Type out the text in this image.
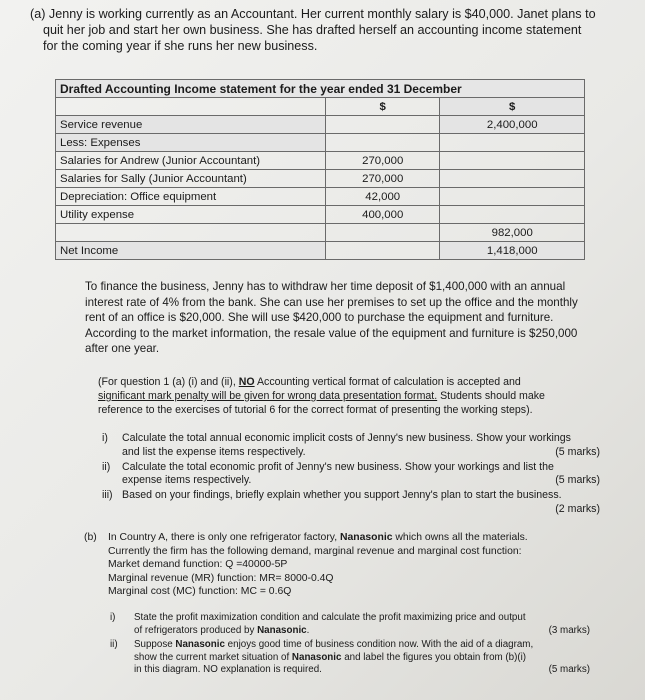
(a) Jenny is working currently as an Accountant. Her current monthly salary is $40,000. Janet plans to
quit her job and start her own business. She has drafted herself an accounting income statement
for the coming year if she runs her new business.
Drafted Accounting Income statement for the year ended 31 December		
	$	$
Service revenue		2,400,000
Less: Expenses		
Salaries for Andrew (Junior Accountant)	270,000	
Salaries for Sally (Junior Accountant)	270,000	
Depreciation: Office equipment	42,000	
Utility expense	400,000	
		982,000
Net Income		1,418,000
To finance the business, Jenny has to withdraw her time deposit of $1,400,000 with an annual
interest rate of 4% from the bank. She can use her premises to set up the office and the monthly
rent of an office is $20,000. She will use $420,000 to purchase the equipment and furniture.
According to the market information, the resale value of the equipment and furniture is $250,000
after one year.
(For question 1 (a) (i) and (ii), NO Accounting vertical format of calculation is accepted and
significant mark penalty will be given for wrong data presentation format. Students should make
reference to the exercises of tutorial 6 for the correct format of presenting the working steps).
i) Calculate the total annual economic implicit costs of Jenny's new business. Show your workings
and list the expense items respectively.	(5 marks)
ii) Calculate the total economic profit of Jenny's new business. Show your workings and list the
expense items respectively.	(5 marks)
iii) Based on your findings, briefly explain whether you support Jenny's plan to start the business.
(2 marks)
(b) In Country A, there is only one refrigerator factory, Nanasonic which owns all the materials.
Currently the firm has the following demand, marginal revenue and marginal cost function:
Market demand function: Q =40000-5P
Marginal revenue (MR) function: MR= 8000-0.4Q
Marginal cost (MC) function: MC = 0.6Q
i) State the profit maximization condition and calculate the profit maximizing price and output
of refrigerators produced by Nanasonic.	(3 marks)
ii) Suppose Nanasonic enjoys good time of business condition now. With the aid of a diagram,
show the current market situation of Nanasonic and label the figures you obtain from (b)(i)
in this diagram. NO explanation is required.	(5 marks)
